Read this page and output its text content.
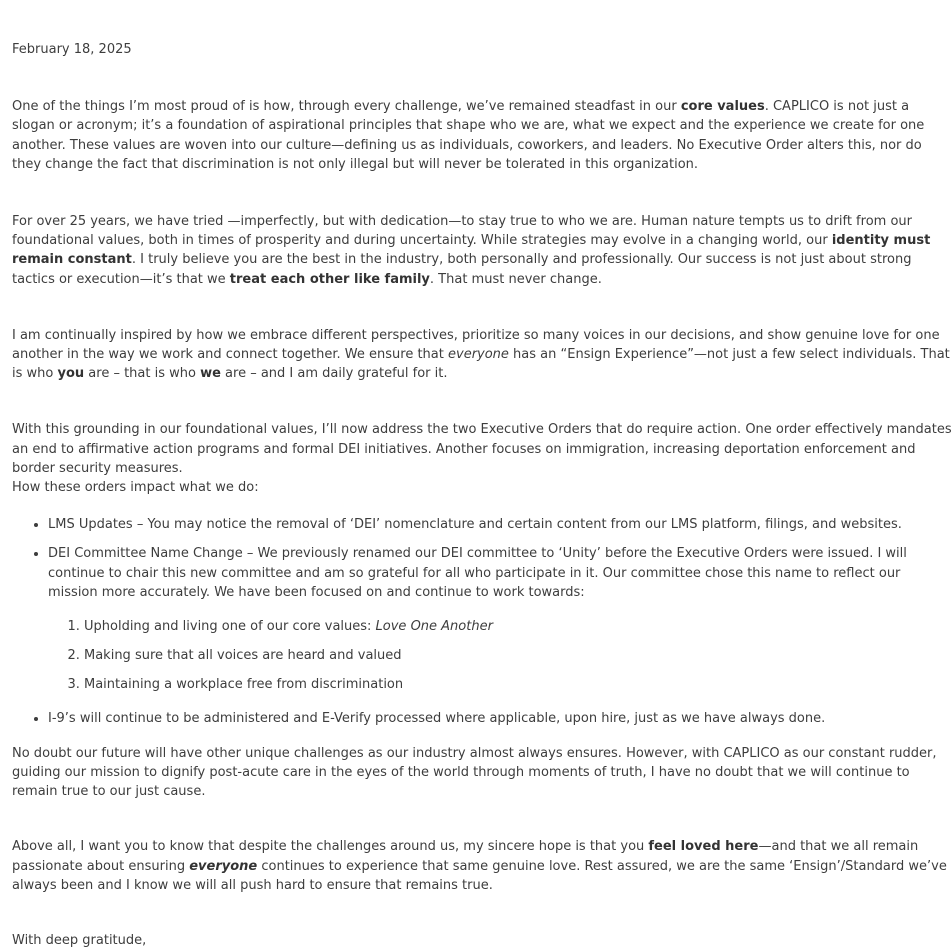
February 18, 2025

One of the things I’m most proud of is how, through every challenge, we’ve remained steadfast in our core values. CAPLICO is not just a slogan or acronym; it’s a foundation of aspirational principles that shape who we are, what we expect and the experience we create for one another. These values are woven into our culture—defining us as individuals, coworkers, and leaders. No Executive Order alters this, nor do they change the fact that discrimination is not only illegal but will never be tolerated in this organization.

For over 25 years, we have tried —imperfectly, but with dedication—to stay true to who we are. Human nature tempts us to drift from our foundational values, both in times of prosperity and during uncertainty. While strategies may evolve in a changing world, our identity must remain constant. I truly believe you are the best in the industry, both personally and professionally. Our success is not just about strong tactics or execution—it’s that we treat each other like family. That must never change.

I am continually inspired by how we embrace different perspectives, prioritize so many voices in our decisions, and show genuine love for one another in the way we work and connect together. We ensure that everyone has an “Ensign Experience”—not just a few select individuals. That is who you are – that is who we are – and I am daily grateful for it.

With this grounding in our foundational values, I’ll now address the two Executive Orders that do require action. One order effectively mandates an end to affirmative action programs and formal DEI initiatives. Another focuses on immigration, increasing deportation enforcement and border security measures.

How these orders impact what we do:

• LMS Updates – You may notice the removal of ‘DEI’ nomenclature and certain content from our LMS platform, filings, and websites.
• DEI Committee Name Change – We previously renamed our DEI committee to ‘Unity’ before the Executive Orders were issued. I will continue to chair this new committee and am so grateful for all who participate in it. Our committee chose this name to reflect our mission more accurately. We have been focused on and continue to work towards:
1. Upholding and living one of our core values: Love One Another
2. Making sure that all voices are heard and valued
3. Maintaining a workplace free from discrimination
• I-9’s will continue to be administered and E-Verify processed where applicable, upon hire, just as we have always done.

No doubt our future will have other unique challenges as our industry almost always ensures. However, with CAPLICO as our constant rudder, guiding our mission to dignify post-acute care in the eyes of the world through moments of truth, I have no doubt that we will continue to remain true to our just cause.

Above all, I want you to know that despite the challenges around us, my sincere hope is that you feel loved here—and that we all remain passionate about ensuring everyone continues to experience that same genuine love. Rest assured, we are the same ‘Ensign’/Standard we’ve always been and I know we will all push hard to ensure that remains true.

With deep gratitude,
